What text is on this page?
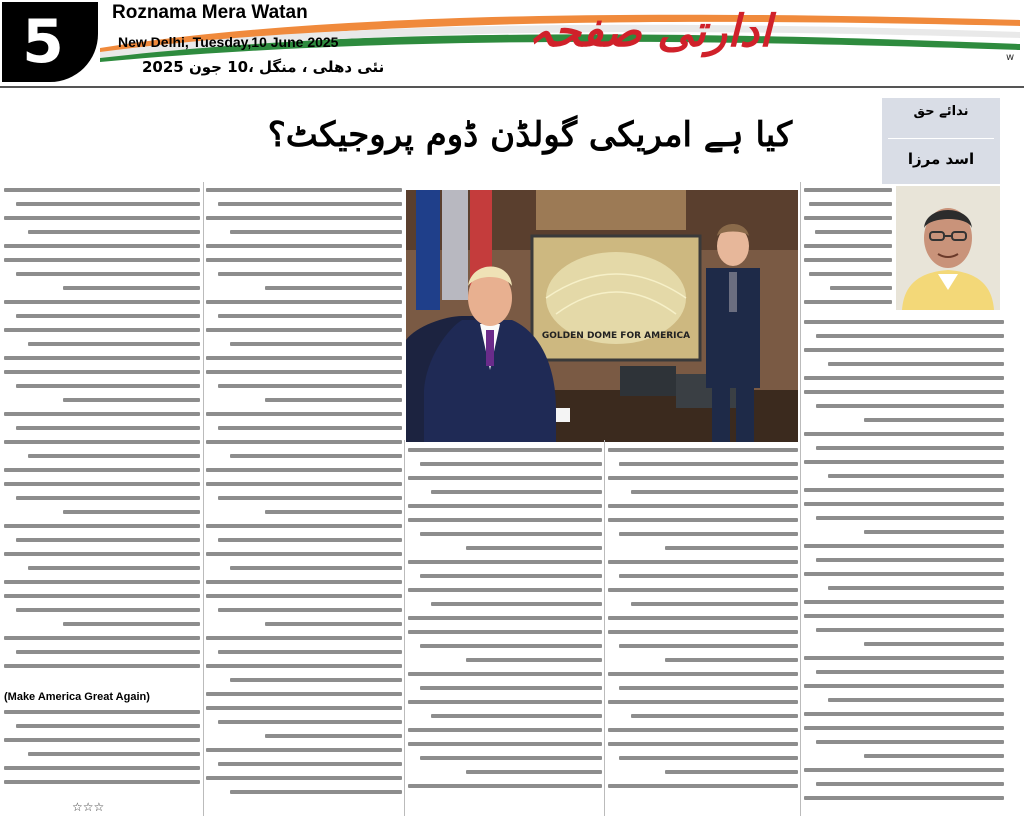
5	Roznama Mera Watan
New Delhi, Tuesday,10 June 2025
نئی دھلی ، منگل ،10 جون 2025
ادارتی صفحہ
w
کیا ہے امریکی گولڈن ڈوم پروجیکٹ؟
ندائے حق
اسد مرزا
GOLDEN DOME FOR AMERICA
(Make America Great Again)
☆☆☆
